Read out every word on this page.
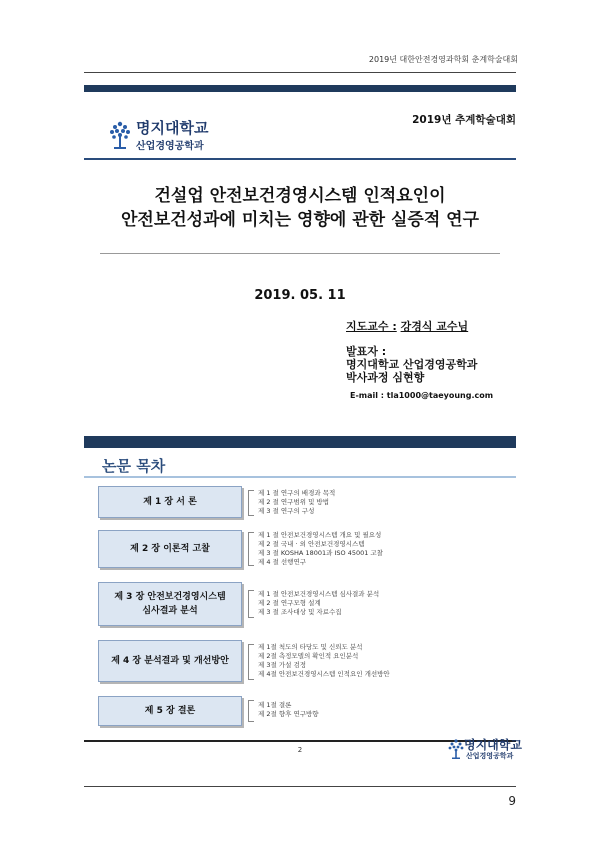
2019년 대한안전경영과학회 춘계학술대회
2019년 추계학술대회
명지대학교
산업경영공학과
건설업 안전보건경영시스템 인적요인이
안전보건성과에 미치는 영향에 관한 실증적 연구
2019. 05. 11
지도교수 : 강경식 교수님
발표자 :
명지대학교 산업경영공학과
박사과정 심현향
E-mail : tla1000@taeyoung.com
논문 목차
제 1 장 서 론
제 1 절 연구의 배경과 목적
제 2 절 연구범위 및 방법
제 3 절 연구의 구성
제 2 장 이론적 고찰
제 1 절 안전보건경영시스템 개요 및 필요성
제 2 절 국내 · 외 안전보건경영시스템
제 3 절 KOSHA 18001과 ISO 45001 고찰
제 4 절 선행연구
제 3 장 안전보건경영시스템
심사결과 분석
제 1 절 안전보건경영시스템 심사결과 분석
제 2 절 연구모형 설계
제 3 절 조사대상 및 자료수집
제 4 장 분석결과 및 개선방안
제 1절 척도의 타당도 및 신뢰도 분석
제 2절 측정모델의 확인적 요인분석
제 3절 가설 검정
제 4절 안전보건경영시스템 인적요인 개선방안
제 5 장 결론
제 1절 결론
제 2절 향후 연구방향
2	명지대학교
산업경영공학과
9
